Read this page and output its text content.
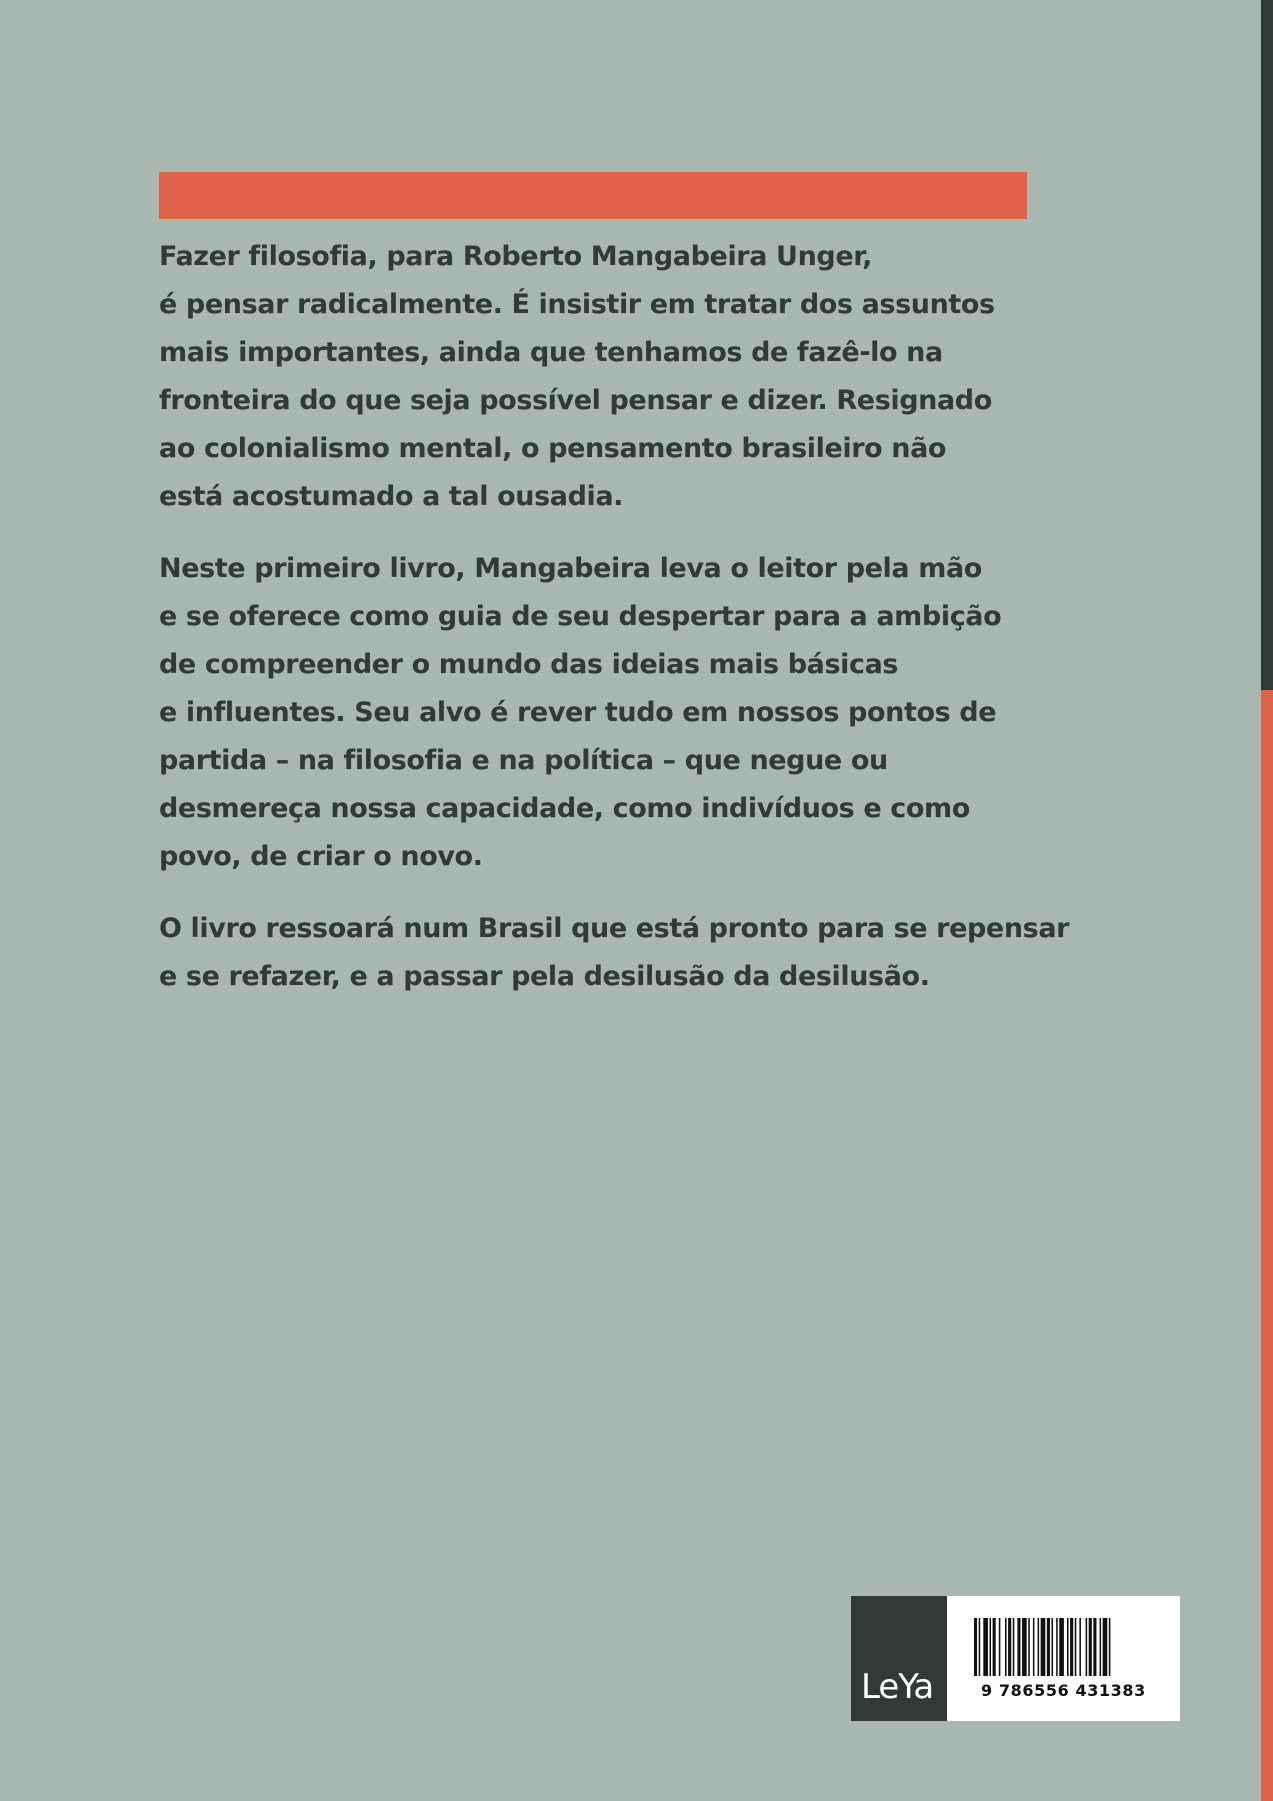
Fazer filosofia, para Roberto Mangabeira Unger,
é pensar radicalmente. É insistir em tratar dos assuntos
mais importantes, ainda que tenhamos de fazê-lo na
fronteira do que seja possível pensar e dizer. Resignado
ao colonialismo mental, o pensamento brasileiro não
está acostumado a tal ousadia.
Neste primeiro livro, Mangabeira leva o leitor pela mão
e se oferece como guia de seu despertar para a ambição
de compreender o mundo das ideias mais básicas
e influentes. Seu alvo é rever tudo em nossos pontos de
partida – na filosofia e na política – que negue ou
desmereça nossa capacidade, como indivíduos e como
povo, de criar o novo.
O livro ressoará num Brasil que está pronto para se repensar
e se refazer, e a passar pela desilusão da desilusão.
LeYa	9 786556 431383
